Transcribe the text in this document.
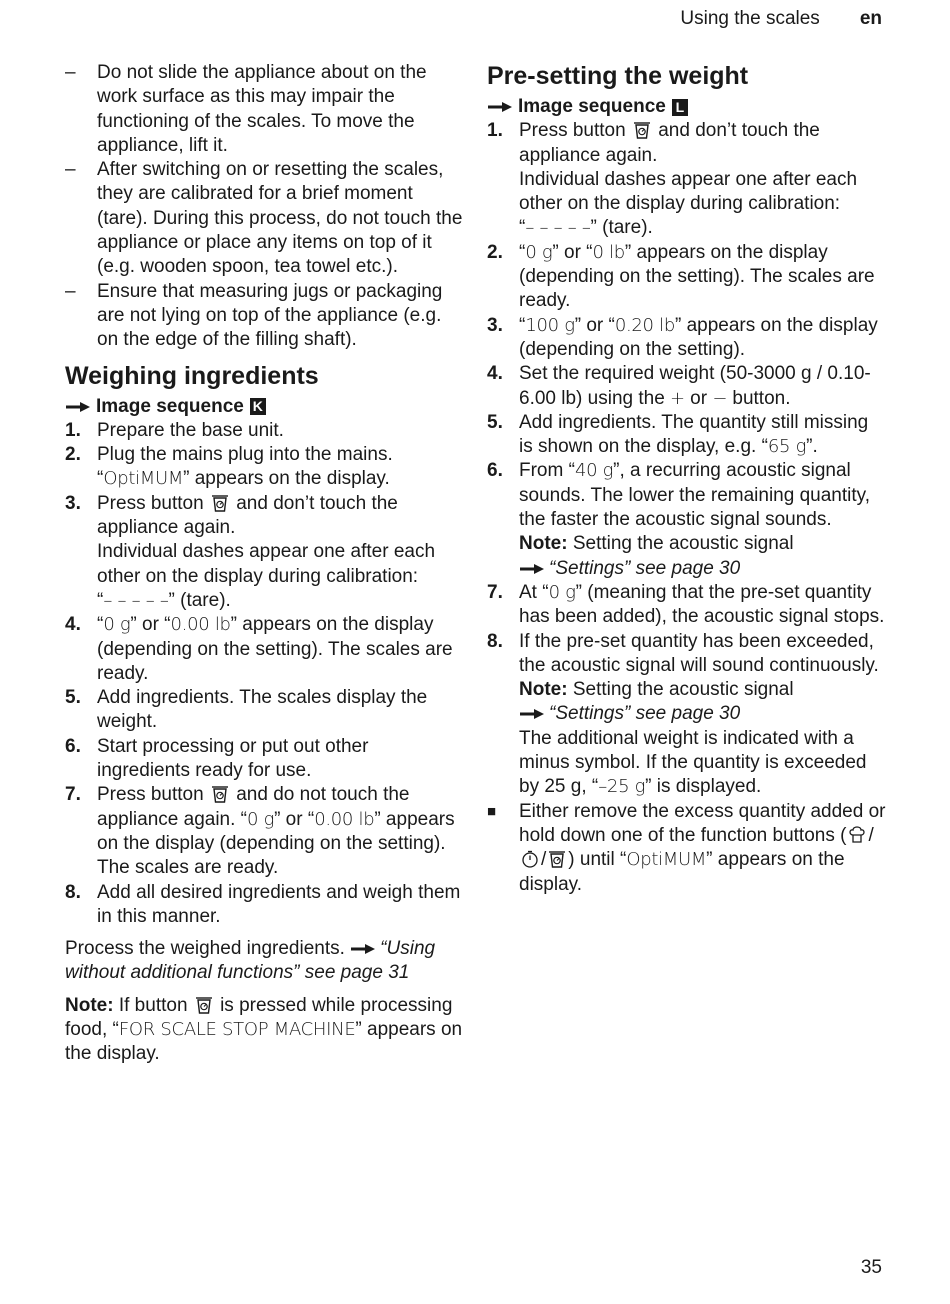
Using the scales en
–	Do not slide the appliance about on the work surface as this may impair the functioning of the scales. To move the appliance, lift it.
–	After switching on or resetting the scales, they are calibrated for a brief moment (tare). During this process, do not touch the appliance or place any items on top of it (e.g. wooden spoon, tea towel etc.).
–	Ensure that measuring jugs or packaging are not lying on top of the appliance (e.g. on the edge of the filling shaft).
Weighing ingredients
Image sequence K
1. Prepare the base unit.
2. Plug the mains plug into the mains.
“OptiMUM” appears on the display.
3. Press button and don’t touch the appliance again.
Individual dashes appear one after each other on the display during calibration:
“– – – – –” (tare).
4. “0 g” or “0.00 lb” appears on the display (depending on the setting). The scales are ready.
5. Add ingredients. The scales display the weight.
6. Start processing or put out other ingredients ready for use.
7. Press button and do not touch the appliance again. “0 g” or “0.00 lb” appears on the display (depending on the setting). The scales are ready.
8. Add all desired ingredients and weigh them in this manner.
Process the weighed ingredients. “Using without additional functions” see page 31
Note: If button is pressed while processing food, “FOR SCALE STOP MACHINE” appears on the display.
Pre-setting the weight
Image sequence L
1. Press button and don’t touch the appliance again.
Individual dashes appear one after each other on the display during calibration:
“– – – – –” (tare).
2. “0 g” or “0 lb” appears on the display (depending on the setting). The scales are ready.
3. “100 g” or “0.20 lb” appears on the display (depending on the setting).
4. Set the required weight (50-3000 g / 0.10-6.00 lb) using the + or − button.
5. Add ingredients. The quantity still missing is shown on the display, e.g. “65 g”.
6. From “40 g”, a recurring acoustic signal sounds. The lower the remaining quantity, the faster the acoustic signal sounds.
Note: Setting the acoustic signal
“Settings” see page 30
7. At “0 g” (meaning that the pre-set quantity has been added), the acoustic signal stops.
8. If the pre-set quantity has been exceeded, the acoustic signal will sound continuously.
Note: Setting the acoustic signal
“Settings” see page 30
The additional weight is indicated with a minus symbol. If the quantity is exceeded by 25 g, “–25 g” is displayed.
■	Either remove the excess quantity added or hold down one of the function buttons ( // ) until “OptiMUM” appears on the display.
35
